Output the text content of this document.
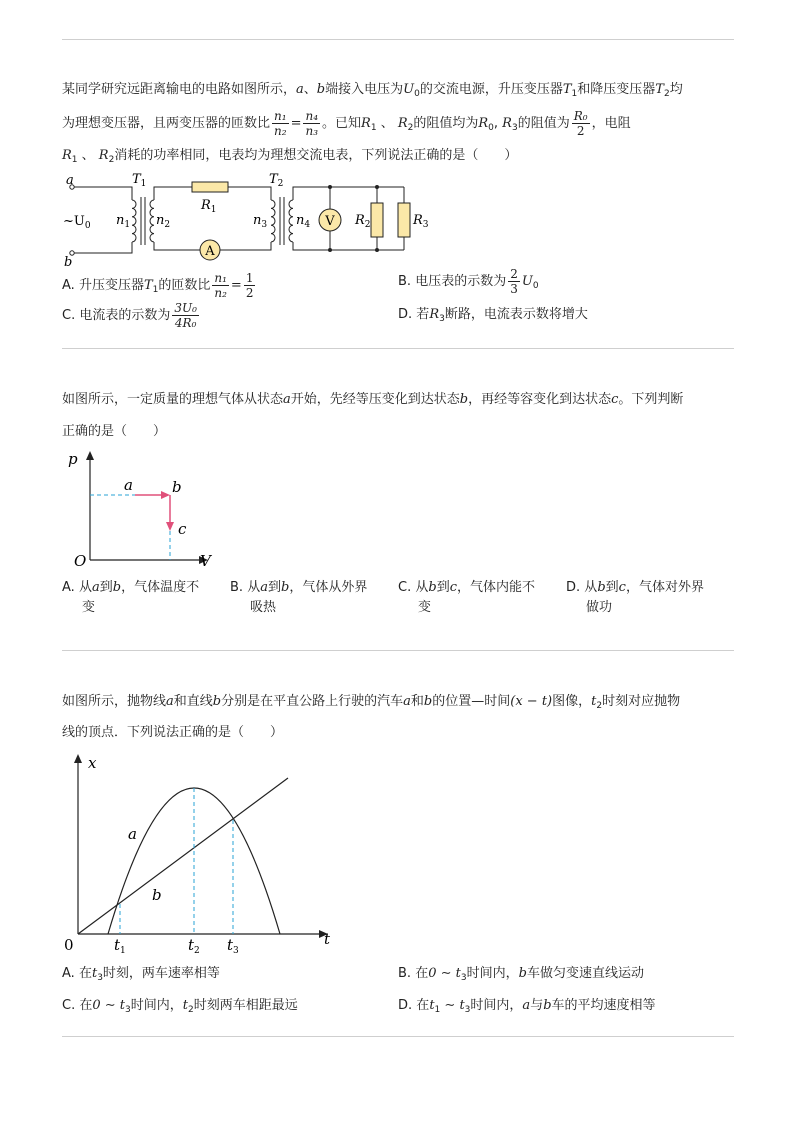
某同学研究远距离输电的电路如图所示，a、b端接入电压为$U_0$的交流电源，升压变压器$T_1$和降压变压器$T_2$均
为理想变压器，且两变压器的匝数比 $\frac{\text{n₁}}{\text{n₂}} = \frac{\text{n₄}}{\text{n₃}}$ 。已知$R_1$ 、 $R_2$的阻值均为$R_0$, $R_3$的阻值为 $\frac{\text{R₀}}{2}$ ，电阻
$R_1$ 、 $R_2$消耗的功率相同，电表均为理想交流电表，下列说法正确的是（　　）
A
V
a
b
$\sim U_0$
$T_1$	$T_2$
$n_1$ $n_2$	$n_3$ $n_4$
$R_1$
$R_2$	$R_3$
A. 升压变压器$T_1$的匝数比 $\frac{\text{n₁}}{\text{n₂}} = \frac{1}{2}$	B. 电压表的示数为 $\frac{2}{3} U_0$
C. 电流表的示数为 $\frac{\text{3U₀}}{\text{4R₀}}$	D. 若$R_3$断路，电流表示数将增大
如图所示，一定质量的理想气体从状态a开始，先经等压变化到达状态b，再经等容变化到达状态c。下列判断
正确的是（　　）
p
V
O
a	b
c
A. 从a到b，气体温度不
变
B. 从a到b，气体从外界
吸热
C. 从b到c，气体内能不
变
D. 从b到c，气体对外界
做功
如图所示，抛物线a和直线b分别是在平直公路上行驶的汽车a和b的位置—时间(x − t)图像，$t_2$时刻对应抛物
线的顶点．下列说法正确的是（　　）
x
t
0
a
b
$t_1$	$t_2$ $t_3$
A. 在$t_3$时刻，两车速率相等	B. 在0 ∼ $t_3$时间内，b车做匀变速直线运动
C. 在0 ∼ $t_3$时间内，$t_2$时刻两车相距最远	D. 在$t_1$ ∼ $t_3$时间内，a与b车的平均速度相等
